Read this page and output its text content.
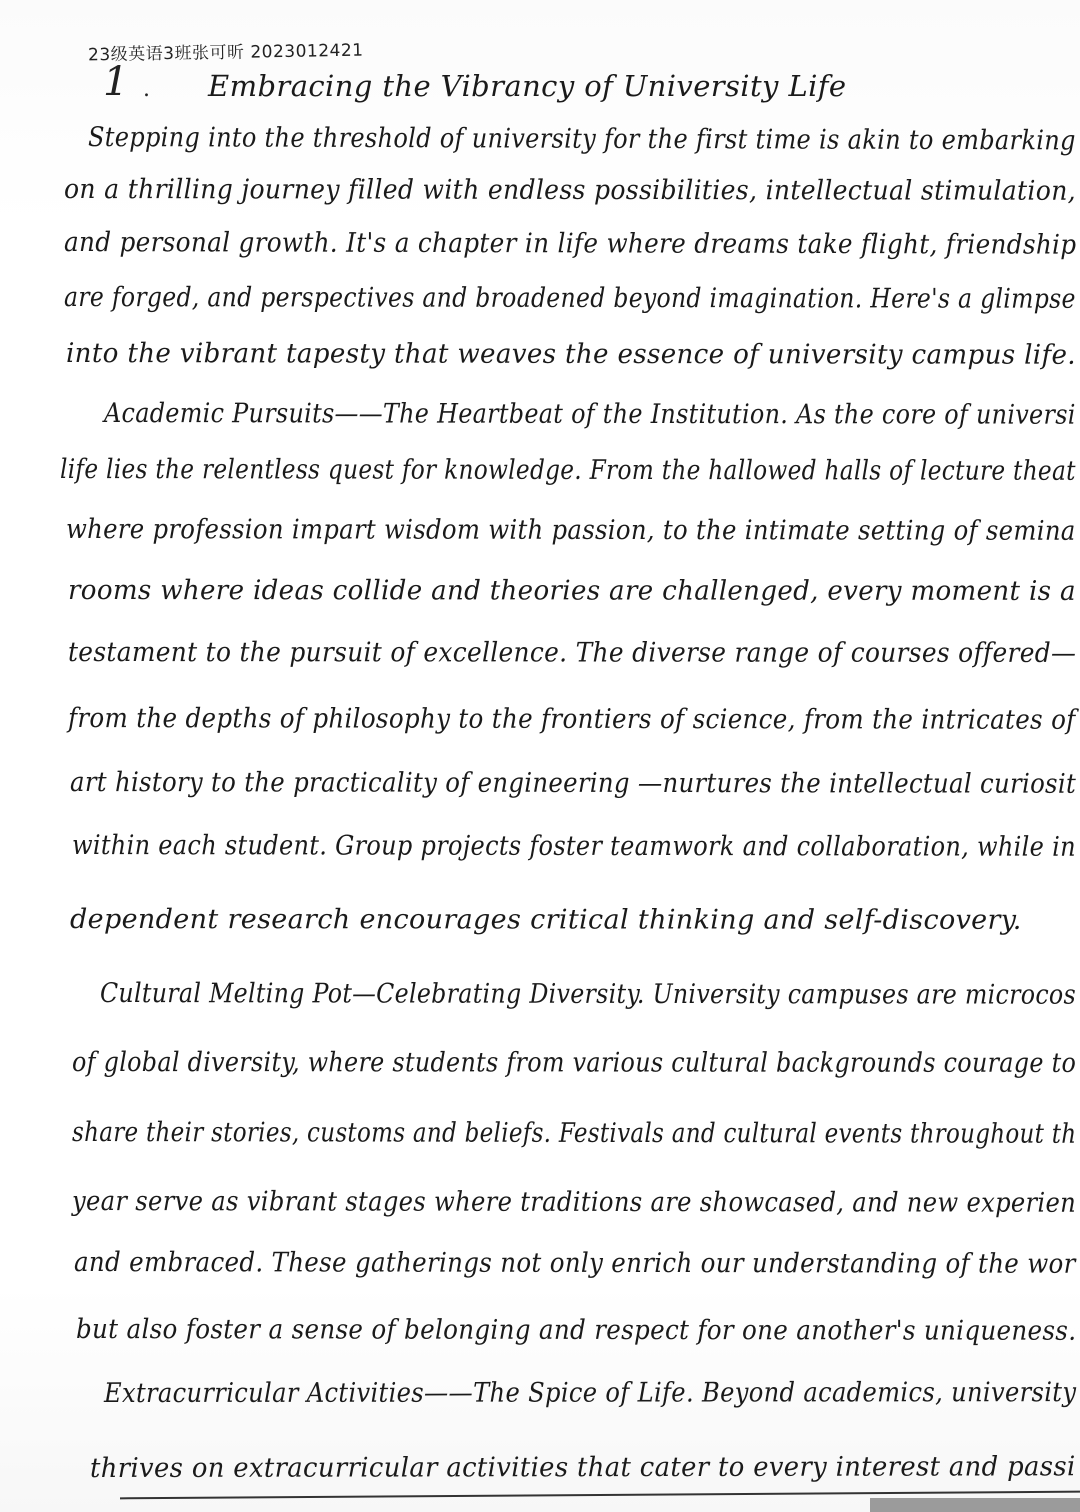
23级英语3班张可昕 2023012421
1 . Embracing the Vibrancy of University Life
Stepping into the threshold of university for the first time is akin to embarking
on a thrilling journey filled with endless possibilities, intellectual stimulation,
and personal growth. It's a chapter in life where dreams take flight, friendship
are forged, and perspectives and broadened beyond imagination. Here's a glimpse
into the vibrant tapesty that weaves the essence of university campus life.
Academic Pursuits——The Heartbeat of the Institution. As the core of universi
life lies the relentless quest for knowledge. From the hallowed halls of lecture theat
where profession impart wisdom with passion, to the intimate setting of semina
rooms where ideas collide and theories are challenged, every moment is a
testament to the pursuit of excellence. The diverse range of courses offered—
from the depths of philosophy to the frontiers of science, from the intricates of
art history to the practicality of engineering —nurtures the intellectual curiosit
within each student. Group projects foster teamwork and collaboration, while in
dependent research encourages critical thinking and self-discovery.
Cultural Melting Pot—Celebrating Diversity. University campuses are microcos
of global diversity, where students from various cultural backgrounds courage to
share their stories, customs and beliefs. Festivals and cultural events throughout th
year serve as vibrant stages where traditions are showcased, and new experien
and embraced. These gatherings not only enrich our understanding of the wor
but also foster a sense of belonging and respect for one another's uniqueness.
Extracurricular Activities——The Spice of Life. Beyond academics, university
thrives on extracurricular activities that cater to every interest and passi
